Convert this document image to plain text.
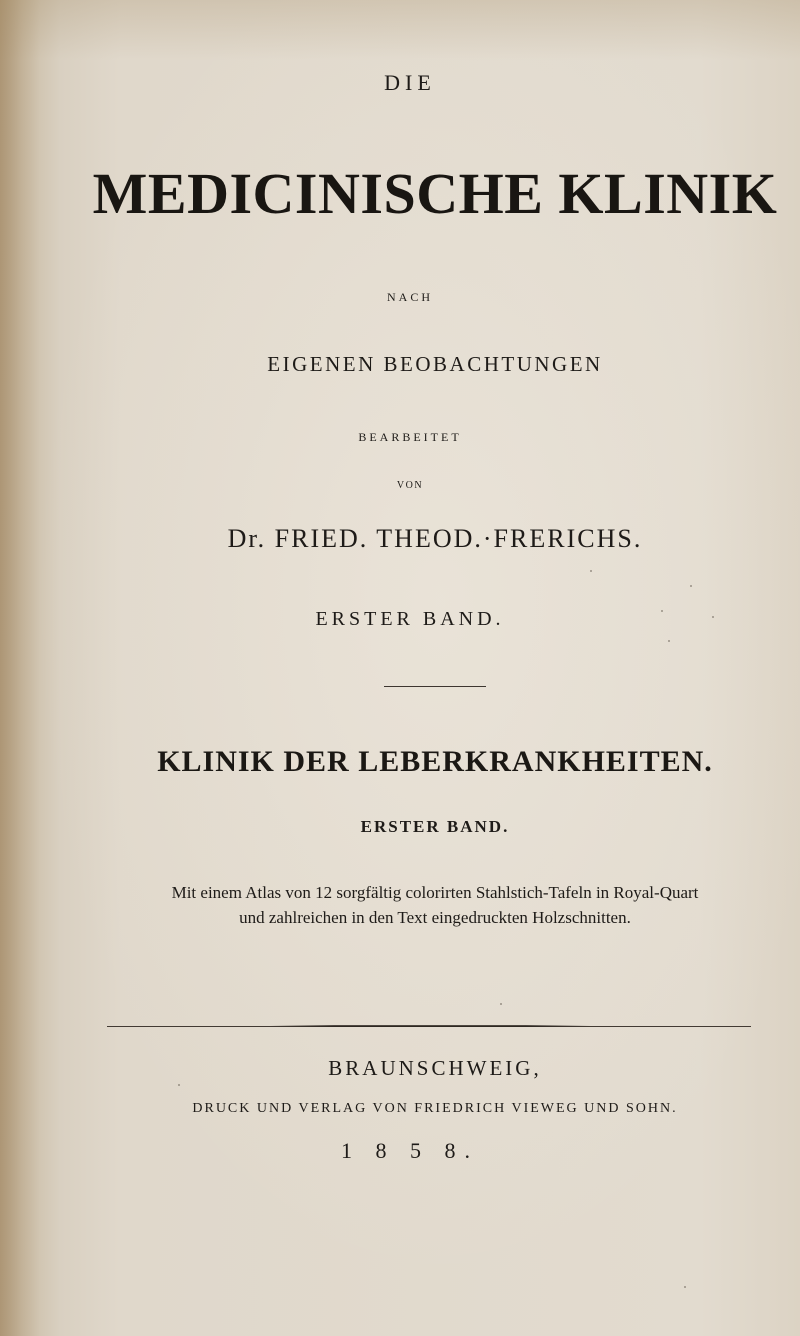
DIE

MEDICINISCHE KLINIK

NACH

EIGENEN BEOBACHTUNGEN

BEARBEITET

VON

Dr. FRIED. THEOD.·FRERICHS.

ERSTER BAND.

KLINIK DER LEBERKRANKHEITEN.

ERSTER BAND.

Mit einem Atlas von 12 sorgfältig colorirten Stahlstich-Tafeln in Royal-Quart

und zahlreichen in den Text eingedruckten Holzschnitten.

BRAUNSCHWEIG,

DRUCK UND VERLAG VON FRIEDRICH VIEWEG UND SOHN.

1 8 5 8.
